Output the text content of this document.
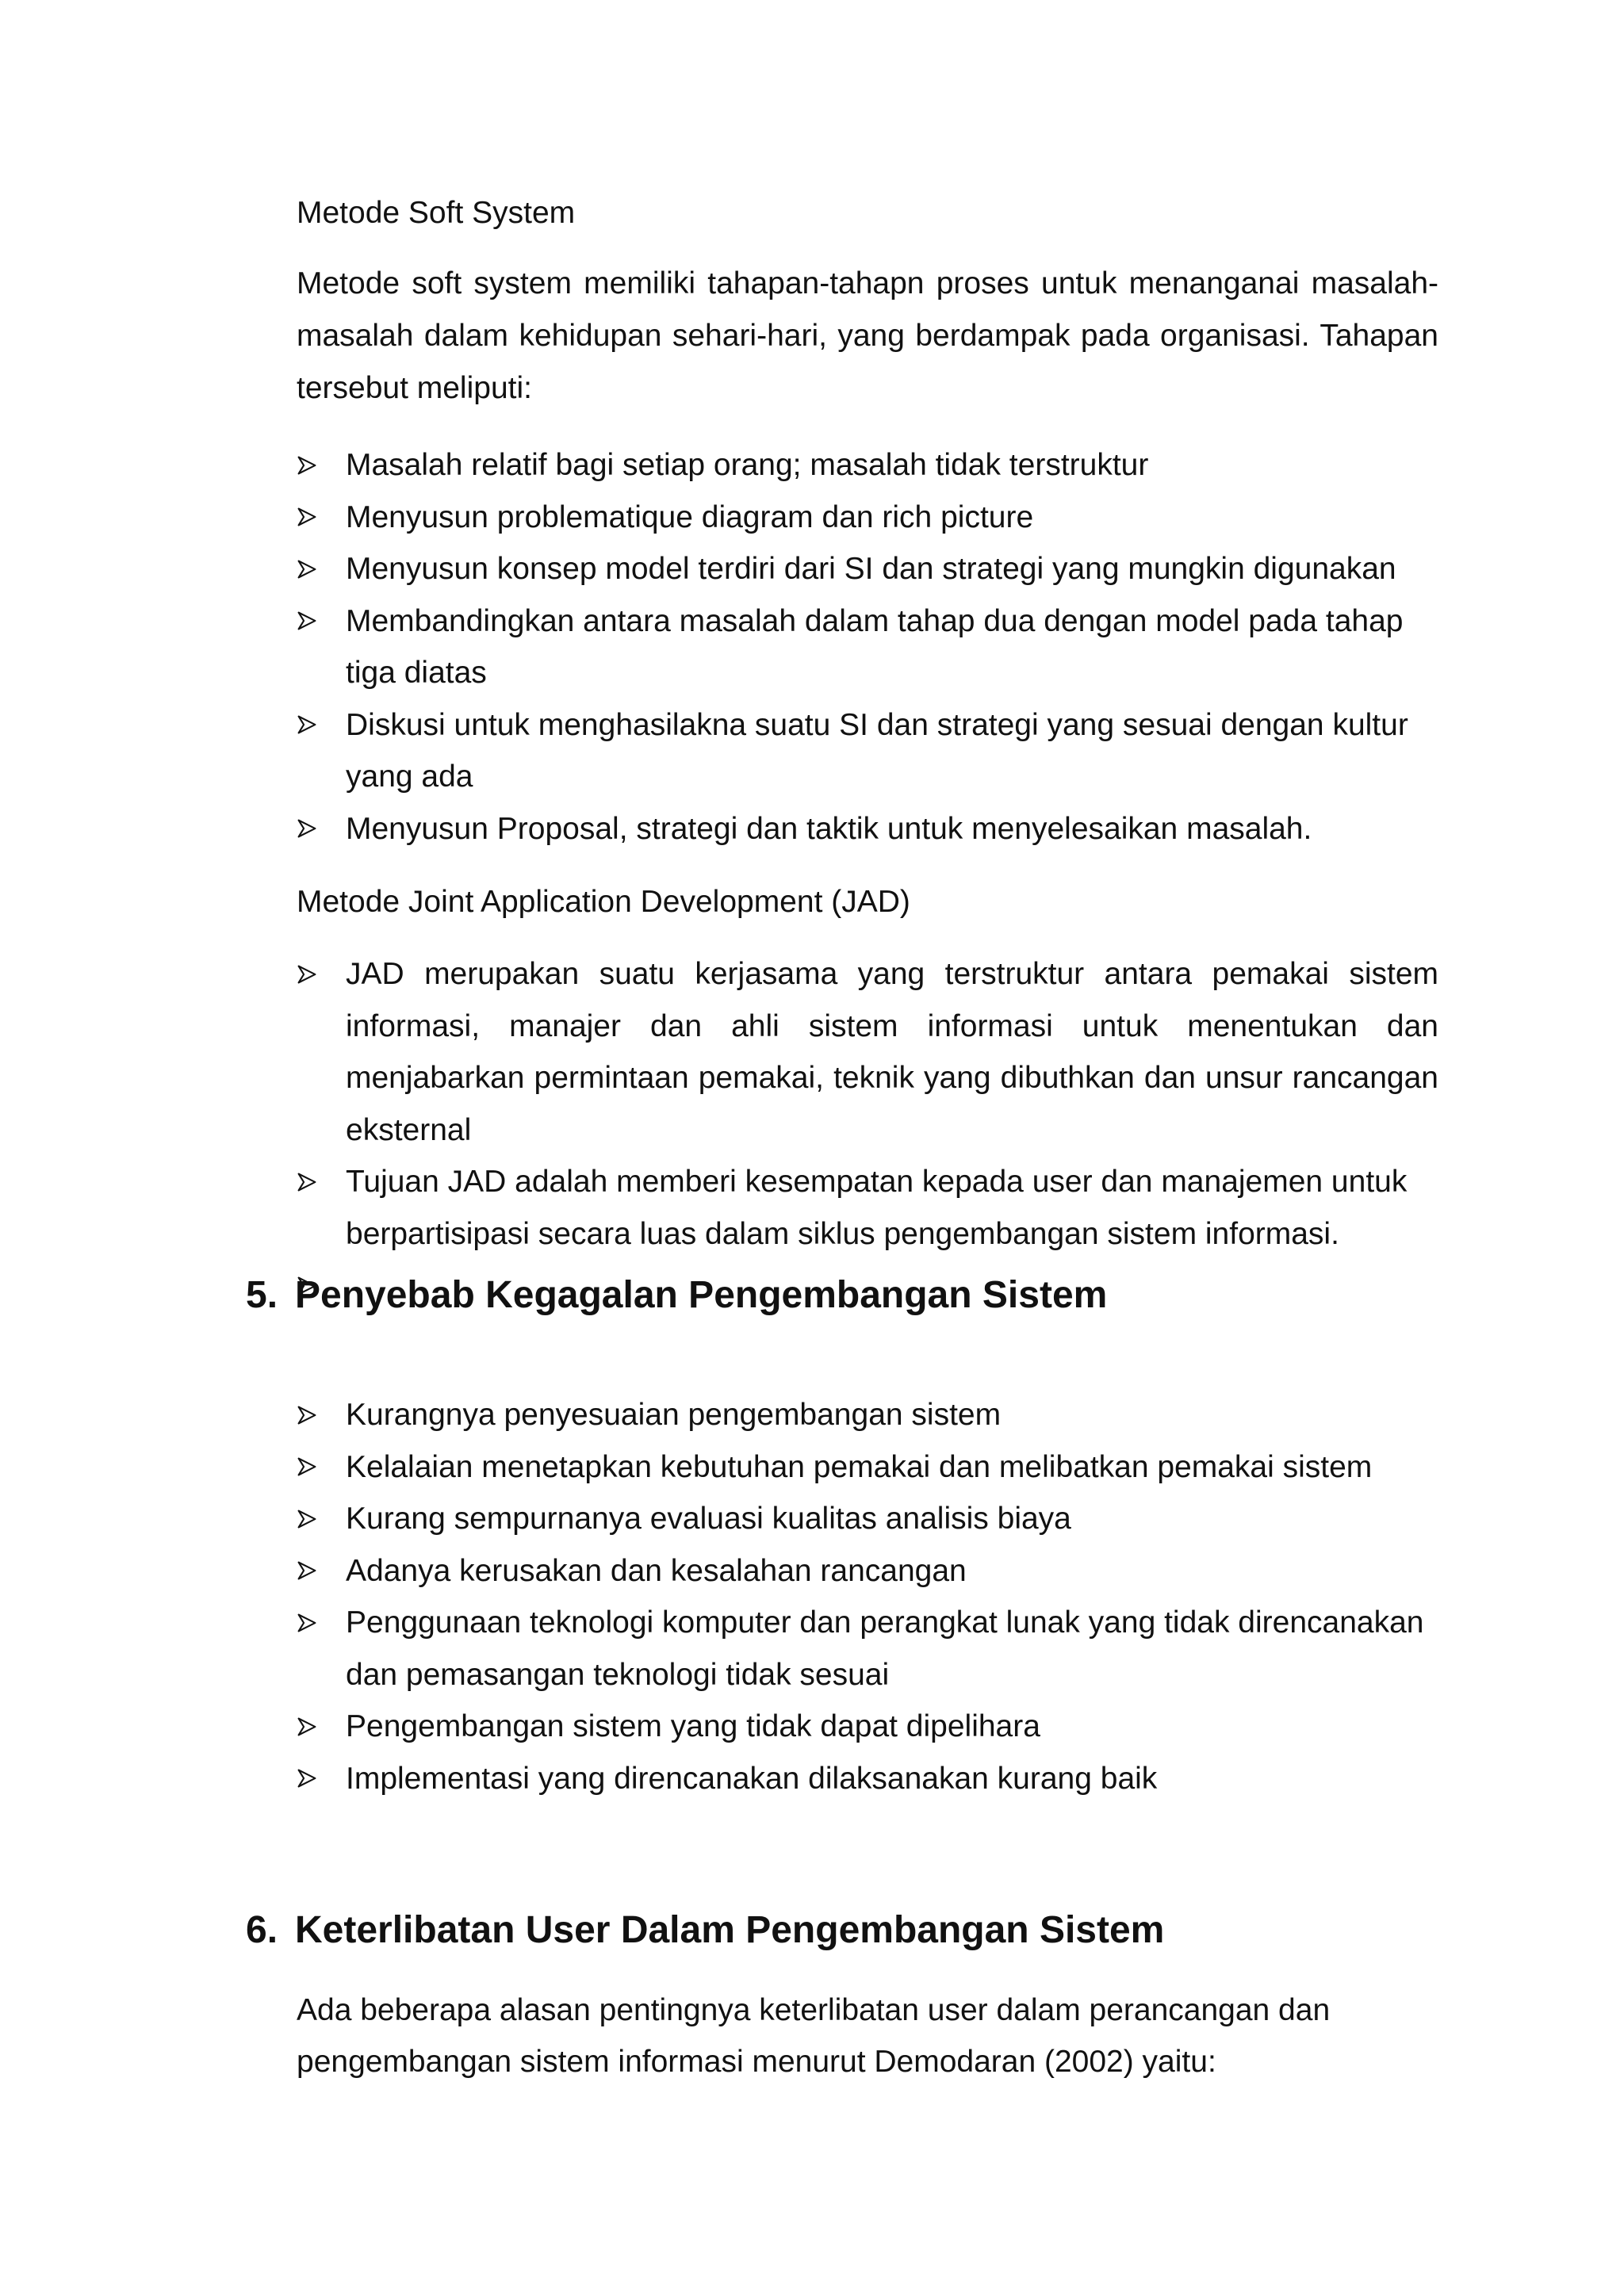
Metode Soft System

Metode soft system memiliki tahapan-tahapn proses untuk menanganai masalah-masalah dalam kehidupan sehari-hari, yang berdampak pada organisasi. Tahapan tersebut meliputi:

Masalah relatif bagi setiap orang; masalah tidak terstruktur
Menyusun problematique diagram dan rich picture
Menyusun konsep model terdiri dari SI dan strategi yang mungkin digunakan
Membandingkan antara masalah dalam tahap dua dengan model pada tahap tiga diatas
Diskusi untuk menghasilakna suatu SI dan strategi yang sesuai dengan kultur yang ada
Menyusun Proposal, strategi dan taktik untuk menyelesaikan masalah.

Metode Joint Application Development (JAD)

JAD merupakan suatu kerjasama yang terstruktur antara pemakai sistem informasi, manajer dan ahli sistem informasi untuk menentukan dan menjabarkan permintaan pemakai, teknik yang dibuthkan dan unsur rancangan eksternal
Tujuan JAD adalah memberi kesempatan kepada user dan manajemen untuk berpartisipasi secara luas dalam siklus pengembangan sistem informasi.
5. Penyebab Kegagalan Pengembangan Sistem
Kurangnya penyesuaian pengembangan sistem
Kelalaian menetapkan kebutuhan pemakai dan melibatkan pemakai sistem
Kurang sempurnanya evaluasi kualitas analisis biaya
Adanya kerusakan dan kesalahan rancangan
Penggunaan teknologi komputer dan perangkat lunak yang tidak direncanakan dan pemasangan teknologi tidak sesuai
Pengembangan sistem yang tidak dapat dipelihara
Implementasi yang direncanakan dilaksanakan kurang baik
6. Keterlibatan User Dalam Pengembangan Sistem

Ada beberapa alasan pentingnya keterlibatan user dalam perancangan dan pengembangan sistem informasi menurut Demodaran (2002) yaitu:
